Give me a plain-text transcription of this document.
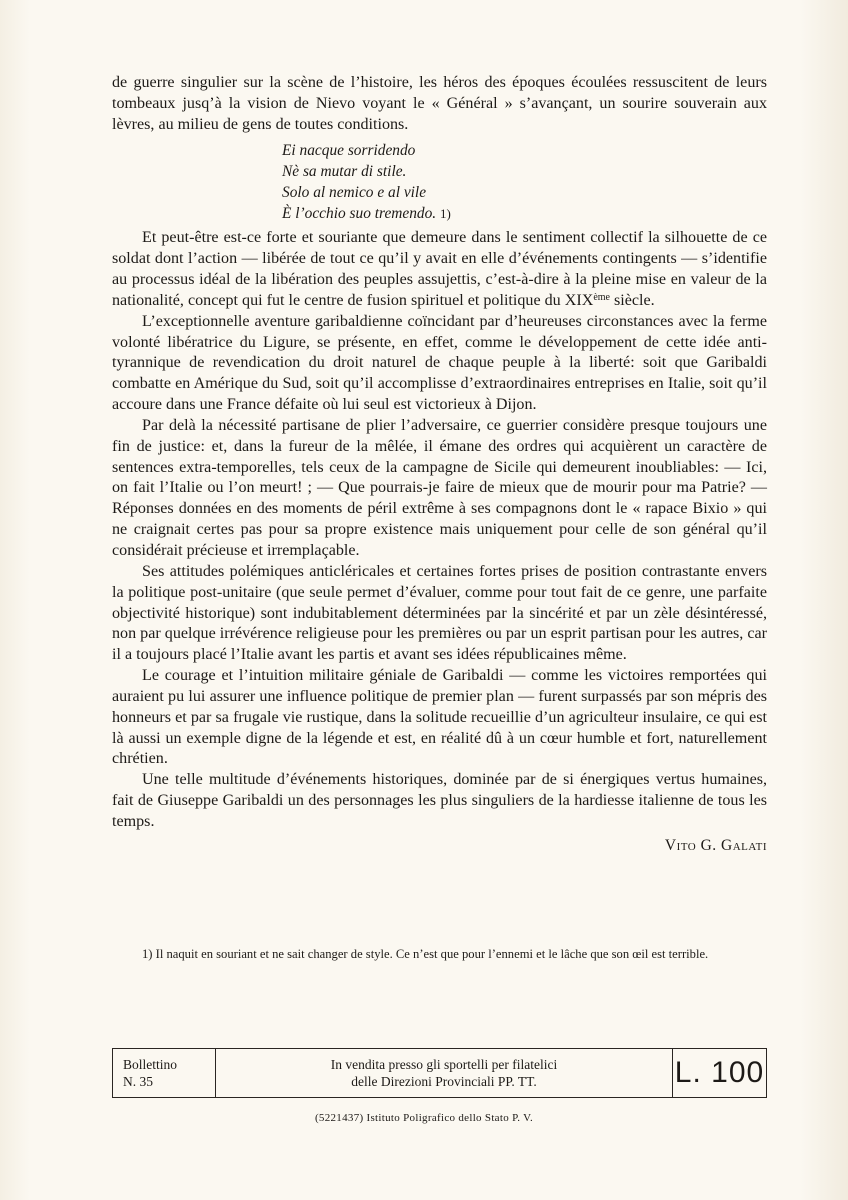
de guerre singulier sur la scène de l’histoire, les héros des époques écoulées ressuscitent de leurs tombeaux jusq’à la vision de Nievo voyant le « Général » s’avançant, un sourire souverain aux lèvres, au milieu de gens de toutes conditions.

Ei nacque sorridendo
Nè sa mutar di stile.
Solo al nemico e al vile
È l’occhio suo tremendo. 1)

Et peut-être est-ce forte et souriante que demeure dans le sentiment collectif la silhouette de ce soldat dont l’action — libérée de tout ce qu’il y avait en elle d’événements contingents — s’identifie au processus idéal de la libération des peuples assujettis, c’est-à-dire à la pleine mise en valeur de la nationalité, concept qui fut le centre de fusion spirituel et politique du XIXème siècle.

L’exceptionnelle aventure garibaldienne coïncidant par d’heureuses circonstances avec la ferme volonté libératrice du Ligure, se présente, en effet, comme le développement de cette idée anti-tyrannique de revendication du droit naturel de chaque peuple à la liberté: soit que Garibaldi combatte en Amérique du Sud, soit qu’il accomplisse d’extraordinaires entreprises en Italie, soit qu’il accoure dans une France défaite où lui seul est victorieux à Dijon.

Par delà la nécessité partisane de plier l’adversaire, ce guerrier considère presque toujours une fin de justice: et, dans la fureur de la mêlée, il émane des ordres qui acquièrent un caractère de sentences extra-temporelles, tels ceux de la campagne de Sicile qui demeurent inoubliables: — Ici, on fait l’Italie ou l’on meurt! ; — Que pourrais-je faire de mieux que de mourir pour ma Patrie? — Réponses données en des moments de péril extrême à ses compagnons dont le « rapace Bixio » qui ne craignait certes pas pour sa propre existence mais uniquement pour celle de son général qu’il considérait précieuse et irremplaçable.

Ses attitudes polémiques anticléricales et certaines fortes prises de position contrastante envers la politique post-unitaire (que seule permet d’évaluer, comme pour tout fait de ce genre, une parfaite objectivité historique) sont indubitablement déterminées par la sincérité et par un zèle désintéressé, non par quelque irrévérence religieuse pour les premières ou par un esprit partisan pour les autres, car il a toujours placé l’Italie avant les partis et avant ses idées républicaines même.

Le courage et l’intuition militaire géniale de Garibaldi — comme les victoires remportées qui auraient pu lui assurer une influence politique de premier plan — furent surpassés par son mépris des honneurs et par sa frugale vie rustique, dans la solitude recueillie d’un agriculteur insulaire, ce qui est là aussi un exemple digne de la légende et est, en réalité dû à un cœur humble et fort, naturellement chrétien.

Une telle multitude d’événements historiques, dominée par de si énergiques vertus humaines, fait de Giuseppe Garibaldi un des personnages les plus singuliers de la hardiesse italienne de tous les temps.

Vito G. Galati
1) Il naquit en souriant et ne sait changer de style. Ce n’est que pour l’ennemi et le lâche que son œil est terrible.
Bollettino
N. 35
In vendita presso gli sportelli per filatelici
delle Direzioni Provinciali PP. TT.	L. 100
(5221437) Istituto Poligrafico dello Stato P. V.
